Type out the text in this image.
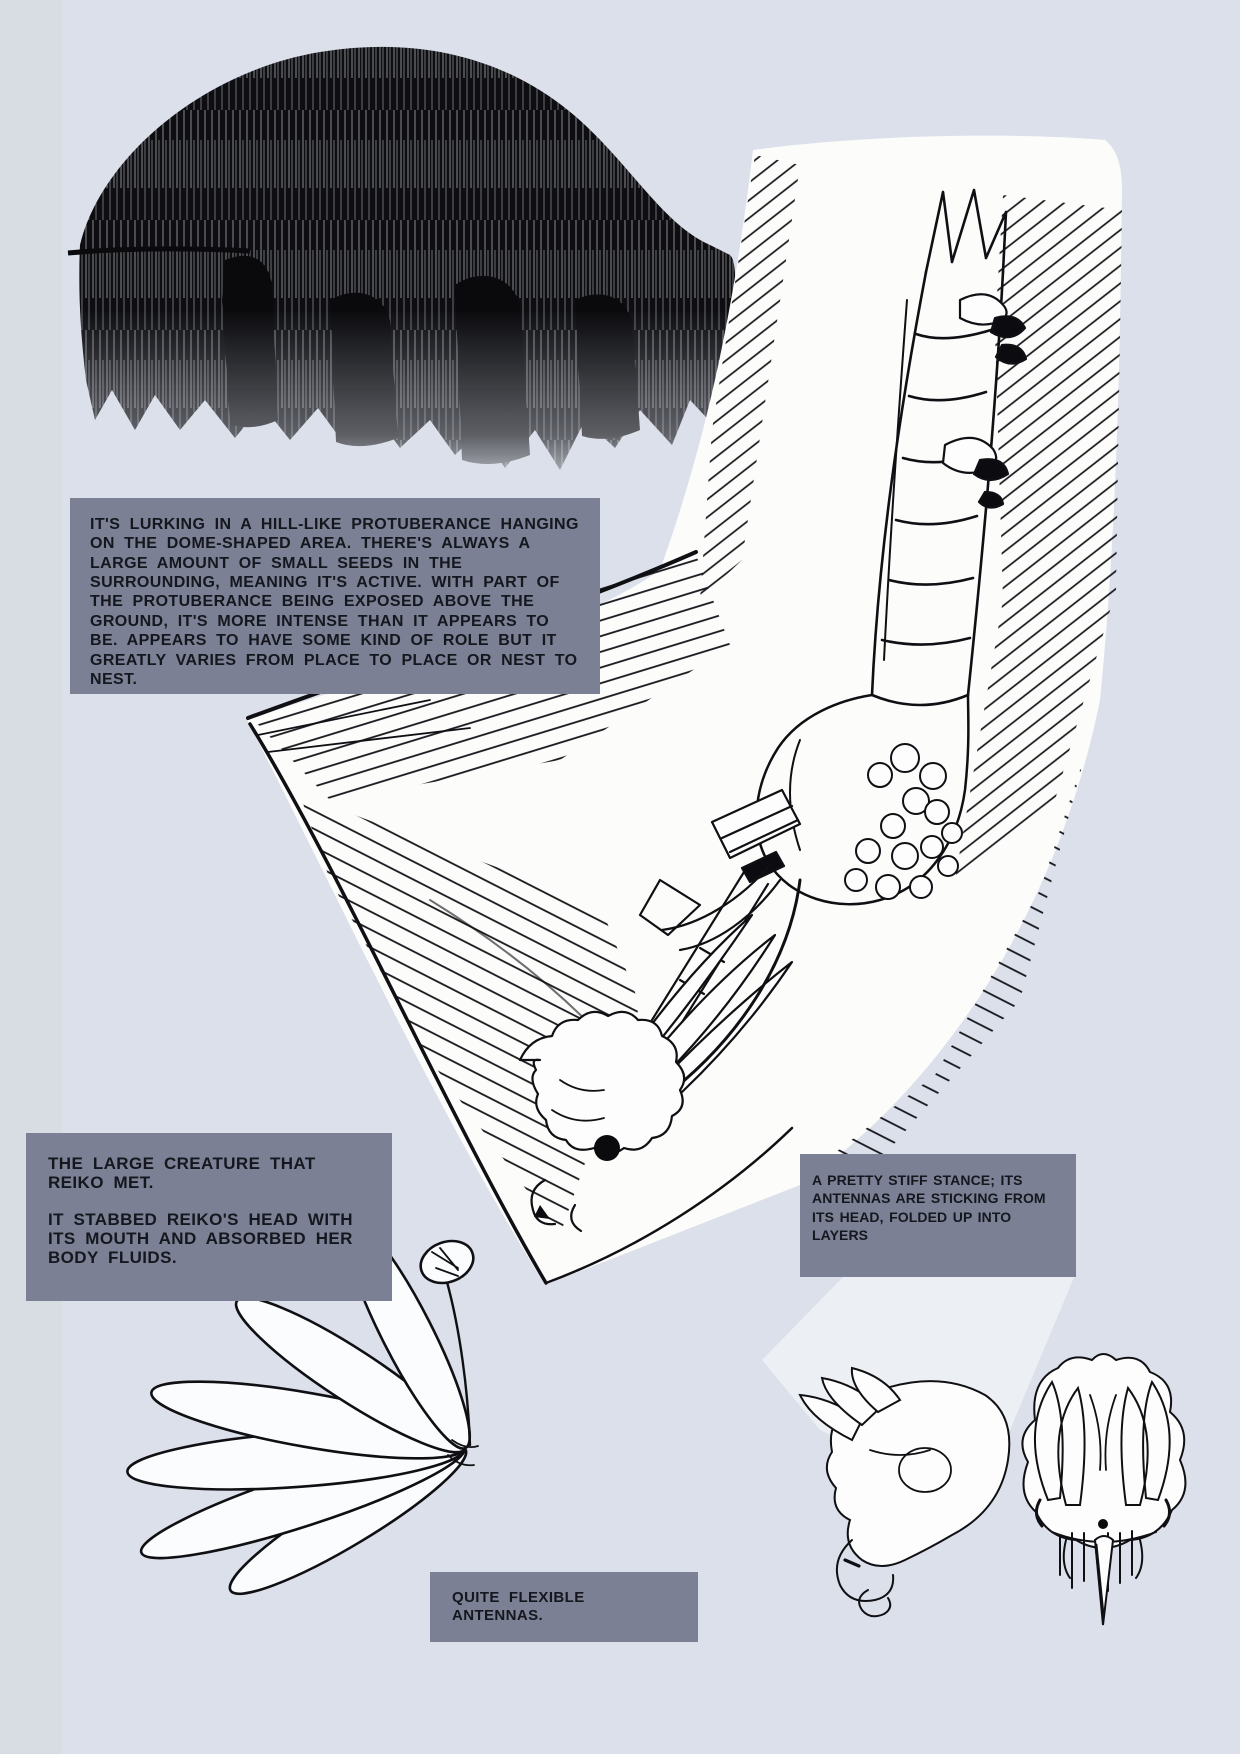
IT'S LURKING IN A HILL-LIKE PROTUBERANCE HANGING ON THE DOME-SHAPED AREA. THERE'S ALWAYS A LARGE AMOUNT OF SMALL SEEDS IN THE SURROUNDING, MEANING IT'S ACTIVE. WITH PART OF THE PROTUBERANCE BEING EXPOSED ABOVE THE GROUND, IT'S MORE INTENSE THAN IT APPEARS TO BE. APPEARS TO HAVE SOME KIND OF ROLE BUT IT GREATLY VARIES FROM PLACE TO PLACE OR NEST TO NEST.

THE LARGE CREATURE THAT REIKO MET.

IT STABBED REIKO'S HEAD WITH ITS MOUTH AND ABSORBED HER BODY FLUIDS.

A PRETTY STIFF STANCE; ITS ANTENNAS ARE STICKING FROM ITS HEAD, FOLDED UP INTO LAYERS

QUITE FLEXIBLE ANTENNAS.
